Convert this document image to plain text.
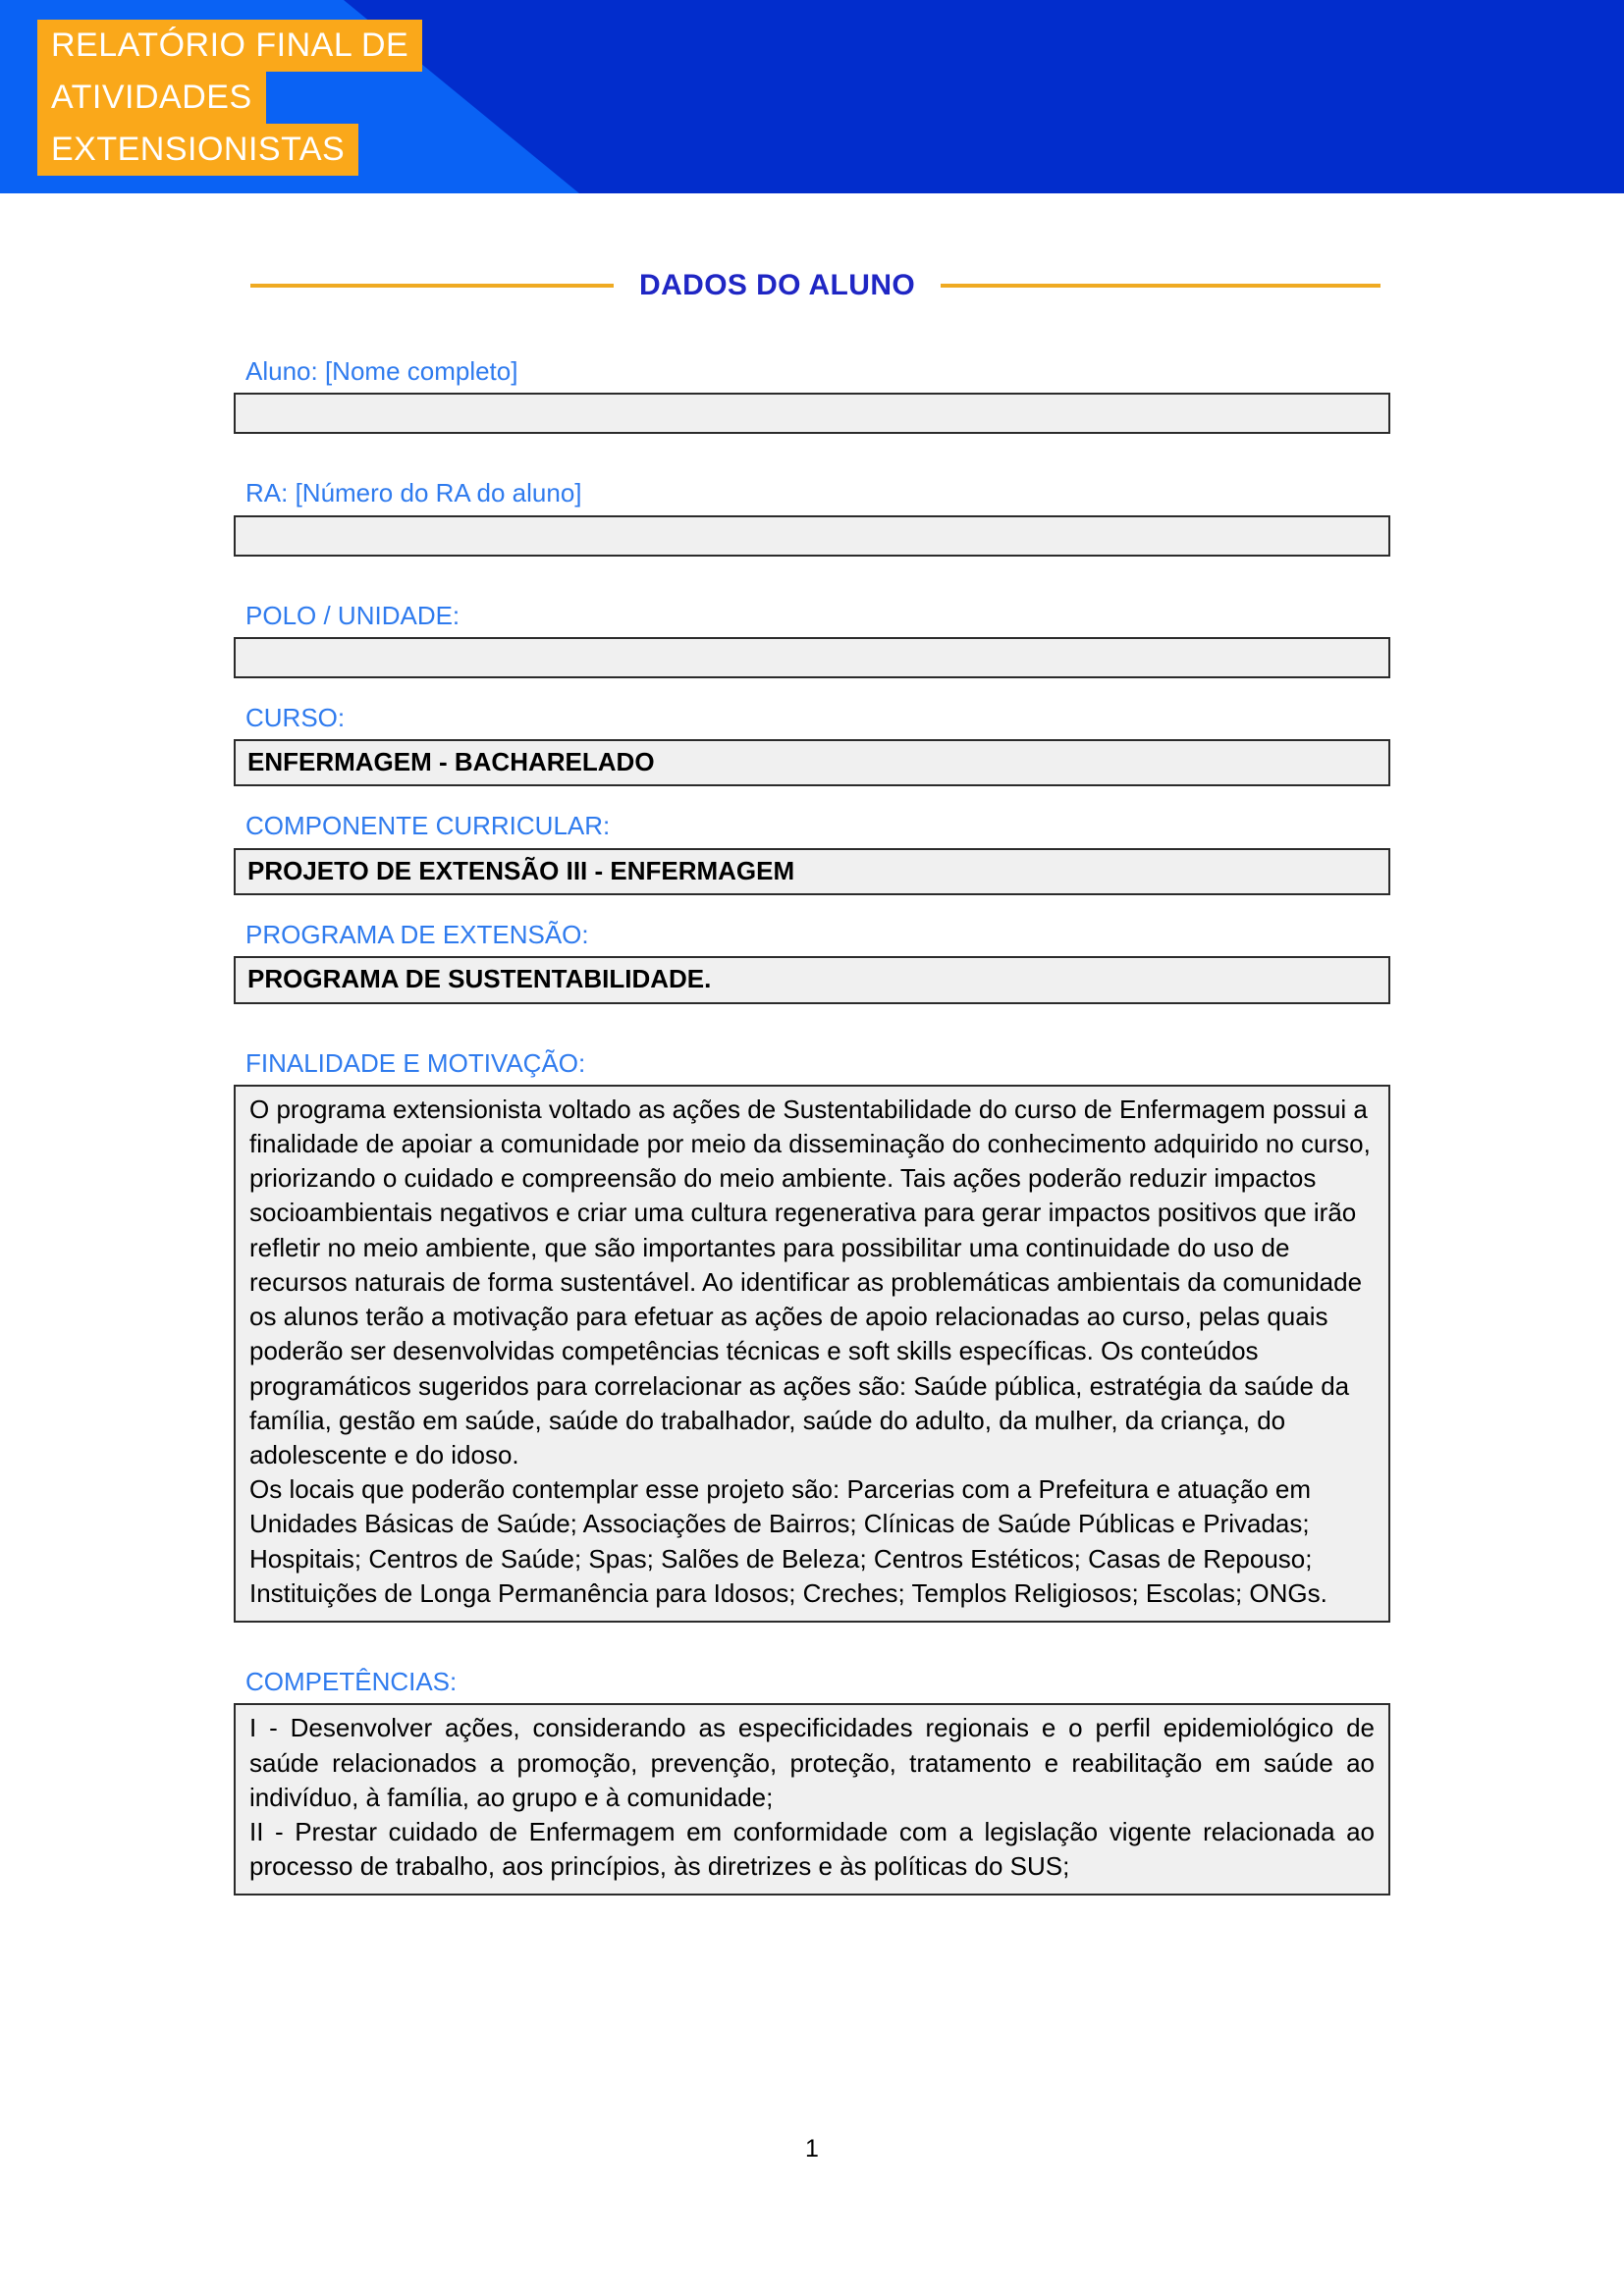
RELATÓRIO FINAL DE
ATIVIDADES
EXTENSIONISTAS
DADOS DO ALUNO
Aluno: [Nome completo]
RA: [Número do RA do aluno]
POLO / UNIDADE:
CURSO:
ENFERMAGEM - BACHARELADO
COMPONENTE CURRICULAR:
PROJETO DE EXTENSÃO III - ENFERMAGEM
PROGRAMA DE EXTENSÃO:
PROGRAMA DE SUSTENTABILIDADE.
FINALIDADE E MOTIVAÇÃO:

O programa extensionista voltado as ações de Sustentabilidade do curso de Enfermagem possui a finalidade de apoiar a comunidade por meio da disseminação do conhecimento adquirido no curso, priorizando o cuidado e compreensão do meio ambiente. Tais ações poderão reduzir impactos socioambientais negativos e criar uma cultura regenerativa para gerar impactos positivos que irão refletir no meio ambiente, que são importantes para possibilitar uma continuidade do uso de recursos naturais de forma sustentável. Ao identificar as problemáticas ambientais da comunidade os alunos terão a motivação para efetuar as ações de apoio relacionadas ao curso, pelas quais poderão ser desenvolvidas competências técnicas e soft skills específicas. Os conteúdos programáticos sugeridos para correlacionar as ações são: Saúde pública, estratégia da saúde da família, gestão em saúde, saúde do trabalhador, saúde do adulto, da mulher, da criança, do adolescente e do idoso.

Os locais que poderão contemplar esse projeto são: Parcerias com a Prefeitura e atuação em Unidades Básicas de Saúde; Associações de Bairros; Clínicas de Saúde Públicas e Privadas; Hospitais; Centros de Saúde; Spas; Salões de Beleza; Centros Estéticos; Casas de Repouso; Instituições de Longa Permanência para Idosos; Creches; Templos Religiosos; Escolas; ONGs.

COMPETÊNCIAS:

I - Desenvolver ações, considerando as especificidades regionais e o perfil epidemiológico de saúde relacionados a promoção, prevenção, proteção, tratamento e reabilitação em saúde ao indivíduo, à família, ao grupo e à comunidade;

II - Prestar cuidado de Enfermagem em conformidade com a legislação vigente relacionada ao processo de trabalho, aos princípios, às diretrizes e às políticas do SUS;

1
